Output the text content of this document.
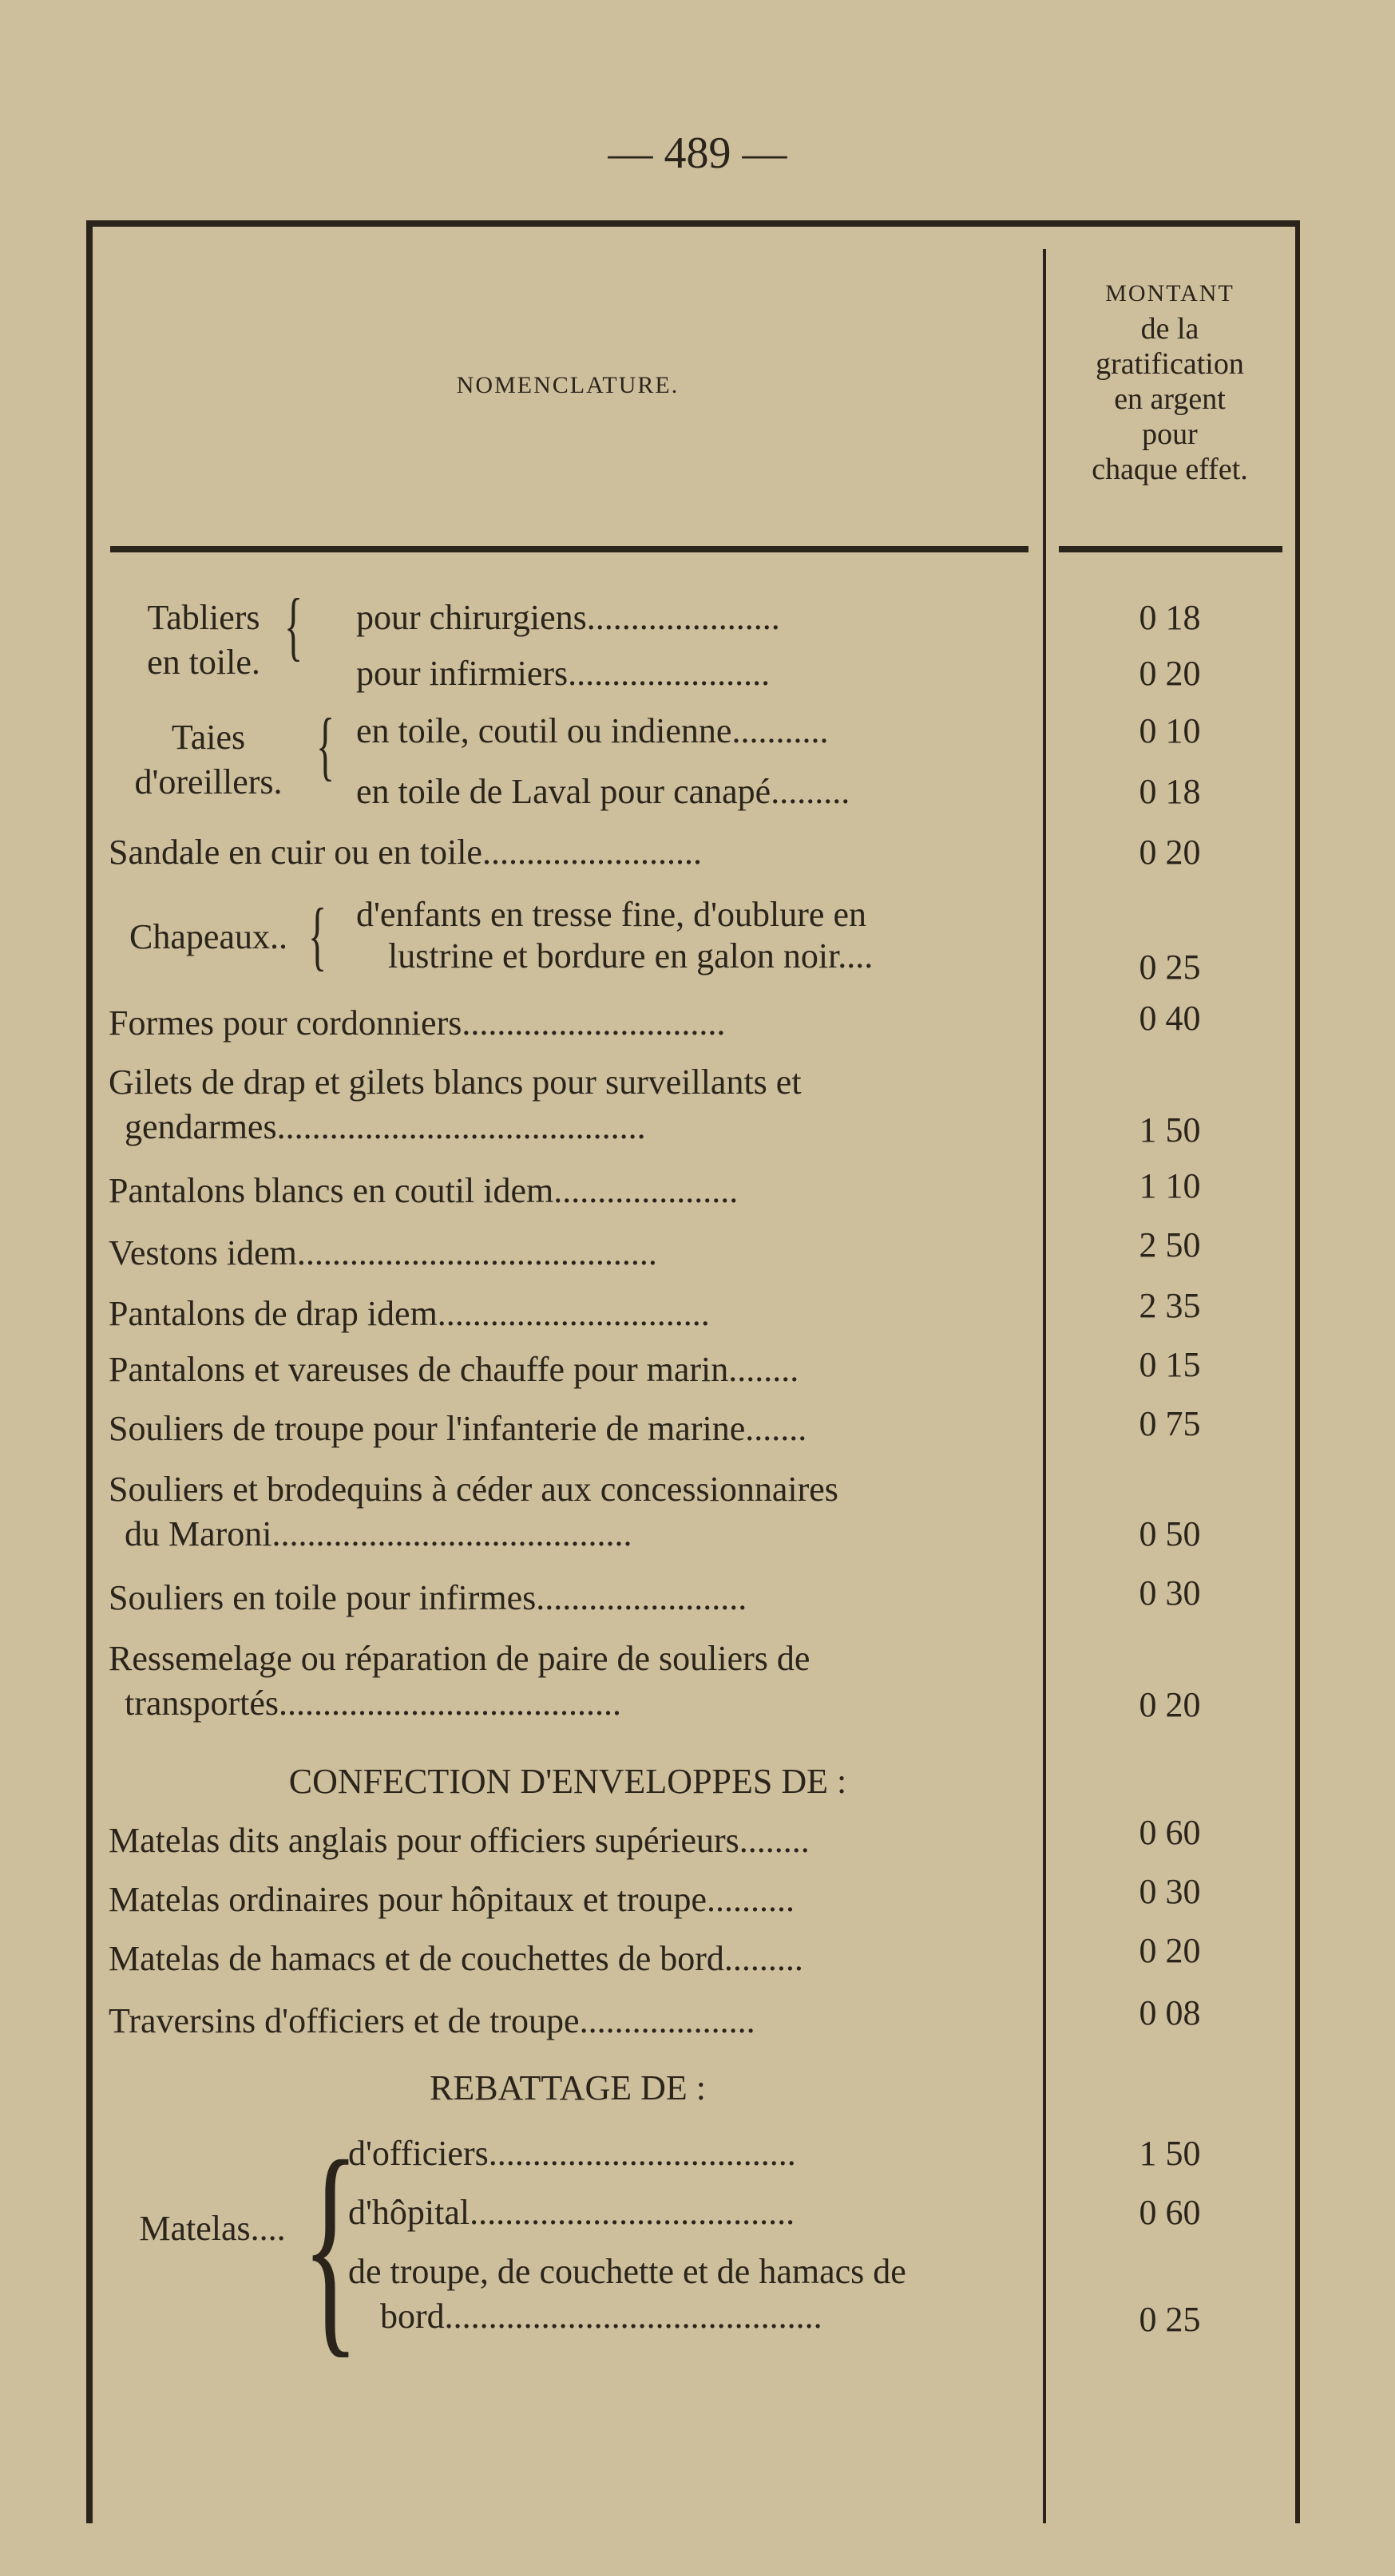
— 489 —
NOMENCLATURE.
MONTANT
de la
gratification
en argent
pour
chaque effet.
Tabliers en toile. { pour chirurgiens......................	0 18
pour infirmiers.......................	0 20
Taies d'oreillers. { en toile, coutil ou indienne...........	0 10
en toile de Laval pour canapé.........	0 18
Sandale en cuir ou en toile.........................	0 20
Chapeaux.. { d'enfants en tresse fine, d'oublure en
lustrine et bordure en galon noir....	0 25
Formes pour cordonniers..............................	0 40
Gilets de drap et gilets blancs pour surveillants et
gendarmes..........................................	1 50
Pantalons blancs en coutil idem.....................	1 10
Vestons idem.........................................	2 50
Pantalons de drap idem...............................	2 35
Pantalons et vareuses de chauffe pour marin........	0 15
Souliers de troupe pour l'infanterie de marine.......	0 75
Souliers et brodequins à céder aux concessionnaires
du Maroni.........................................	0 50
Souliers en toile pour infirmes........................	0 30
Ressemelage ou réparation de paire de souliers de
transportés.......................................	0 20
CONFECTION D'ENVELOPPES DE :
Matelas dits anglais pour officiers supérieurs........	0 60
Matelas ordinaires pour hôpitaux et troupe..........	0 30
Matelas de hamacs et de couchettes de bord.........	0 20
Traversins d'officiers et de troupe....................	0 08
REBATTAGE DE :
Matelas.... {
d'officiers...................................	1 50
d'hôpital.....................................	0 60
de troupe, de couchette et de hamacs de
bord...........................................	0 25
